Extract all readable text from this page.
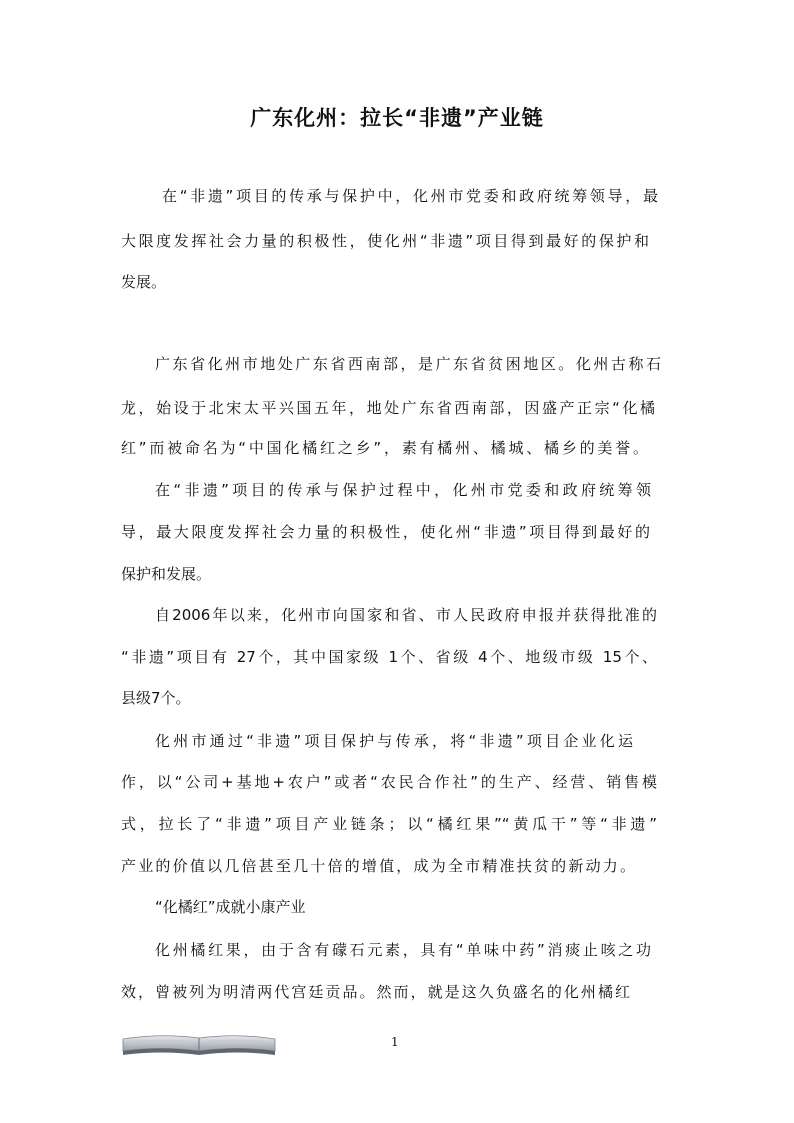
广东化州：拉长“非遗”产业链
在“非遗”项目的传承与保护中，化州市党委和政府统筹领导，最
大限度发挥社会力量的积极性，使化州“非遗”项目得到最好的保护和
发展。
广东省化州市地处广东省西南部，是广东省贫困地区。化州古称石
龙，始设于北宋太平兴国五年，地处广东省西南部，因盛产正宗“化橘
红”而被命名为“中国化橘红之乡”，素有橘州、橘城、橘乡的美誉。
在“非遗”项目的传承与保护过程中，化州市党委和政府统筹领
导，最大限度发挥社会力量的积极性，使化州“非遗”项目得到最好的
保护和发展。
自2006年以来，化州市向国家和省、市人民政府申报并获得批准的
“非遗”项目有 27个，其中国家级 1个、省级 4个、地级市级 15个、
县级7个。
化州市通过“非遗”项目保护与传承，将“非遗”项目企业化运
作，以“公司+基地+农户”或者“农民合作社”的生产、经营、销售模
式，拉长了“非遗”项目产业链条；以“橘红果”“黄瓜干”等“非遗”
产业的价值以几倍甚至几十倍的增值，成为全市精准扶贫的新动力。
“化橘红”成就小康产业
化州橘红果，由于含有礞石元素，具有“单味中药”消痰止咳之功
效，曾被列为明清两代宫廷贡品。然而，就是这久负盛名的化州橘红
1
